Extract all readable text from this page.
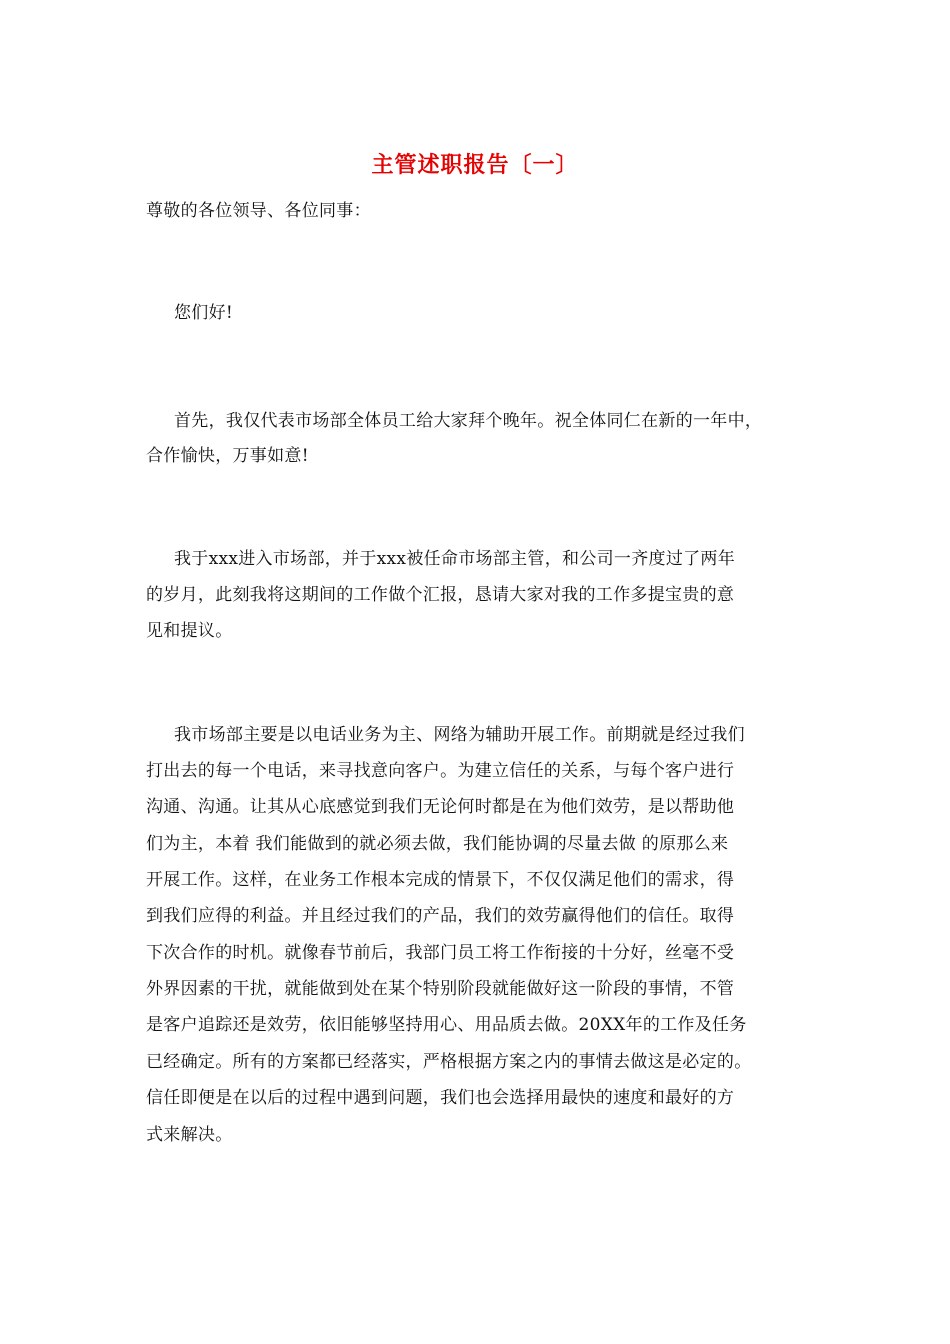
主管述职报告〔一〕
尊敬的各位领导、各位同事：
您们好!
首先，我仅代表市场部全体员工给大家拜个晚年。祝全体同仁在新的一年中，
合作愉快，万事如意!
我于xxx进入市场部，并于xxx被任命市场部主管，和公司一齐度过了两年
的岁月，此刻我将这期间的工作做个汇报，恳请大家对我的工作多提宝贵的意
见和提议。
我市场部主要是以电话业务为主、网络为辅助开展工作。前期就是经过我们
打出去的每一个电话，来寻找意向客户。为建立信任的关系，与每个客户进行
沟通、沟通。让其从心底感觉到我们无论何时都是在为他们效劳，是以帮助他
们为主，本着 我们能做到的就必须去做，我们能协调的尽量去做 的原那么来
开展工作。这样，在业务工作根本完成的情景下，不仅仅满足他们的需求，得
到我们应得的利益。并且经过我们的产品，我们的效劳赢得他们的信任。取得
下次合作的时机。就像春节前后，我部门员工将工作衔接的十分好，丝毫不受
外界因素的干扰，就能做到处在某个特别阶段就能做好这一阶段的事情，不管
是客户追踪还是效劳，依旧能够坚持用心、用品质去做。20XX年的工作及任务
已经确定。所有的方案都已经落实，严格根据方案之内的事情去做这是必定的。
信任即便是在以后的过程中遇到问题，我们也会选择用最快的速度和最好的方
式来解决。
